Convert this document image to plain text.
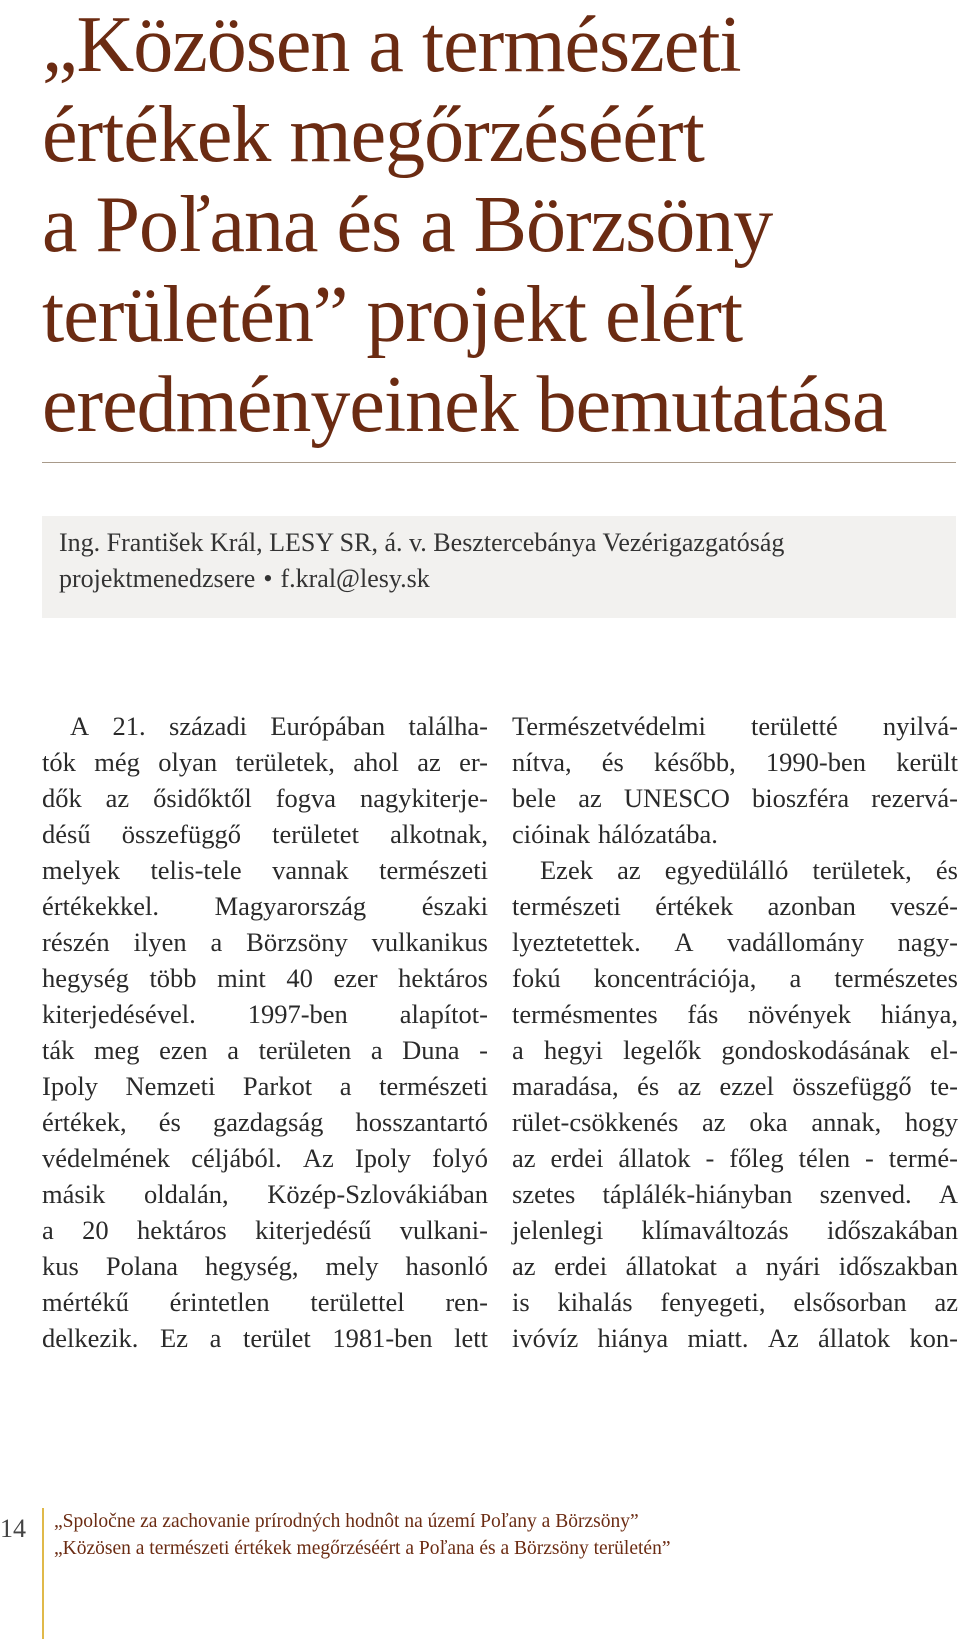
„Közösen a természeti
értékek megőrzéséért
a Poľana és a Börzsöny
területén” projekt elért
eredményeinek bemutatása
Ing. František Král, LESY SR, á. v. Besztercebánya Vezérigazgatóság
projektmenedzsere • f.kral@lesy.sk
A 21. századi Európában találha-
tók még olyan területek, ahol az er-
dők az ősidőktől fogva nagykiterje-
désű összefüggő területet alkotnak,
melyek telis-tele vannak természeti
értékekkel. Magyarország északi
részén ilyen a Börzsöny vulkanikus
hegység több mint 40 ezer hektáros
kiterjedésével. 1997-ben alapítot-
ták meg ezen a területen a Duna -
Ipoly Nemzeti Parkot a természeti
értékek, és gazdagság hosszantartó
védelmének céljából. Az Ipoly folyó
másik oldalán, Közép-Szlovákiában
a 20 hektáros kiterjedésű vulkani-
kus Polana hegység, mely hasonló
mértékű érintetlen területtel ren-
delkezik. Ez a terület 1981-ben lett
Természetvédelmi területté nyilvá-
nítva, és később, 1990-ben került
bele az UNESCO bioszféra rezervá-
cióinak hálózatába.
Ezek az egyedülálló területek, és
természeti értékek azonban veszé-
lyeztetettek. A vadállomány nagy-
fokú koncentrációja, a természetes
termésmentes fás növények hiánya,
a hegyi legelők gondoskodásának el-
maradása, és az ezzel összefüggő te-
rület-csökkenés az oka annak, hogy
az erdei állatok - főleg télen - termé-
szetes táplálék-hiányban szenved. A
jelenlegi klímaváltozás időszakában
az erdei állatokat a nyári időszakban
is kihalás fenyegeti, elsősorban az
ivóvíz hiánya miatt. Az állatok kon-
14 „Spoločne za zachovanie prírodných hodnôt na území Poľany a Börzsöny”
„Közösen a természeti értékek megőrzéséért a Poľana és a Börzsöny területén”
